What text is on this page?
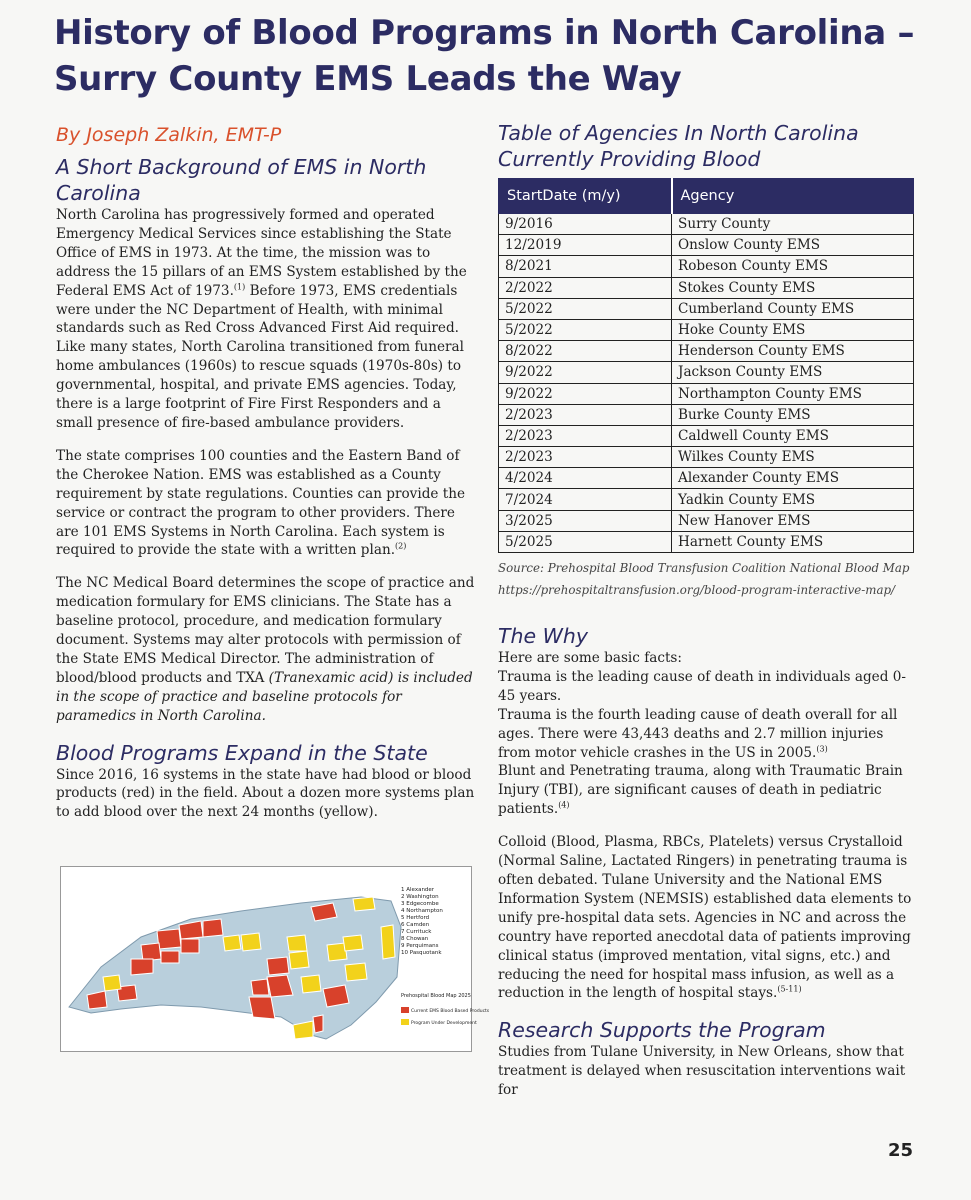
History of Blood Programs in North Carolina – Surry County EMS Leads the Way
By Joseph Zalkin, EMT-P
A Short Background of EMS in North Carolina

North Carolina has progressively formed and operated Emergency Medical Services since establishing the State Office of EMS in 1973. At the time, the mission was to address the 15 pillars of an EMS System established by the Federal EMS Act of 1973.$^{(1)}$ Before 1973, EMS credentials were under the NC Department of Health, with minimal standards such as Red Cross Advanced First Aid required. Like many states, North Carolina transitioned from funeral home ambulances (1960s) to rescue squads (1970s-80s) to governmental, hospital, and private EMS agencies. Today, there is a large footprint of Fire First Responders and a small presence of fire-based ambulance providers.

The state comprises 100 counties and the Eastern Band of the Cherokee Nation. EMS was established as a County requirement by state regulations. Counties can provide the service or contract the program to other providers. There are 101 EMS Systems in North Carolina. Each system is required to provide the state with a written plan.$^{(2)}$

The NC Medical Board determines the scope of practice and medication formulary for EMS clinicians. The State has a baseline protocol, procedure, and medication formulary document. Systems may alter protocols with permission of the State EMS Medical Director. The administration of blood/blood products and TXA (Tranexamic acid) is included in the scope of practice and baseline protocols for paramedics in North Carolina.

Blood Programs Expand in the State

Since 2016, 16 systems in the state have had blood or blood products (red) in the field. About a dozen more systems plan to add blood over the next 24 months (yellow).

1 Alexander
2 Washington
3 Edgecombe
4 Northampton
5 Hertford
6 Camden
7 Currituck
8 Chowan
9 Perquimans
10 Pasquotank
Prehospital Blood Map 2025
Current EMS Blood Based Products
Program Under Development
Table of Agencies In North Carolina Currently Providing Blood
StartDate (m/y)	Agency
9/2016	Surry County
12/2019	Onslow County EMS
8/2021	Robeson County EMS
2/2022	Stokes County EMS
5/2022	Cumberland County EMS
5/2022	Hoke County EMS
8/2022	Henderson County EMS
9/2022	Jackson County EMS
9/2022	Northampton County EMS
2/2023	Burke County EMS
2/2023	Caldwell County EMS
2/2023	Wilkes County EMS
4/2024	Alexander County EMS
7/2024	Yadkin County EMS
3/2025	New Hanover EMS
5/2025	Harnett County EMS
Source: Prehospital Blood Transfusion Coalition National Blood Map
https://prehospitaltransfusion.org/blood-program-interactive-map/
The Why

Here are some basic facts:

Trauma is the leading cause of death in individuals aged 0-45 years.

Trauma is the fourth leading cause of death overall for all ages. There were 43,443 deaths and 2.7 million injuries from motor vehicle crashes in the US in 2005.$^{(3)}$

Blunt and Penetrating trauma, along with Traumatic Brain Injury (TBI), are significant causes of death in pediatric patients.$^{(4)}$

Colloid (Blood, Plasma, RBCs, Platelets) versus Crystalloid (Normal Saline, Lactated Ringers) in penetrating trauma is often debated. Tulane University and the National EMS Information System (NEMSIS) established data elements to unify pre-hospital data sets. Agencies in NC and across the country have reported anecdotal data of patients improving clinical status (improved mentation, vital signs, etc.) and reducing the need for hospital mass infusion, as well as a reduction in the length of hospital stays.$^{(5-11)}$

Research Supports the Program

Studies from Tulane University, in New Orleans, show that treatment is delayed when resuscitation interventions wait for

25
